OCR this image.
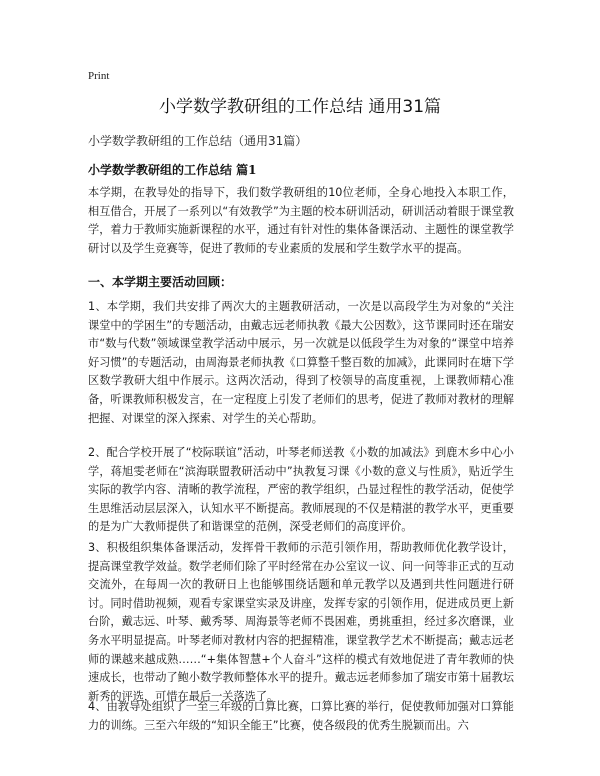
Print
小学数学教研组的工作总结 通用31篇
小学数学教研组的工作总结（通用31篇）
小学数学教研组的工作总结 篇1

本学期，在教导处的指导下，我们数学教研组的10位老师，全身心地投入本职工作，相互借合，开展了一系列以“有效教学”为主题的校本研训活动，研训活动着眼于课堂教学，着力于教师实施新课程的水平，通过有针对性的集体备课活动、主题性的课堂教学研讨以及学生竞赛等，促进了教师的专业素质的发展和学生数学水平的提高。

一、本学期主要活动回顾：

1、本学期，我们共安排了两次大的主题教研活动，一次是以高段学生为对象的“关注课堂中的学困生”的专题活动，由戴志远老师执教《最大公因数》，这节课同时还在瑞安市“数与代数”领域课堂教学活动中展示，另一次就是以低段学生为对象的“课堂中培养好习惯”的专题活动，由周海景老师执教《口算整千整百数的加减》，此课同时在塘下学区数学教研大组中作展示。这两次活动，得到了校领导的高度重视，上课教师精心准备，听课教师积极发言，在一定程度上引发了老师们的思考，促进了教师对教材的理解把握、对课堂的深入探索、对学生的关心帮助。

2、配合学校开展了“校际联谊”活动，叶琴老师送教《小数的加减法》到鹿木乡中心小学，蒋旭雯老师在“滨海联盟教研活动中”执教复习课《小数的意义与性质》，贴近学生实际的教学内容、清晰的教学流程，严密的教学组织，凸显过程性的教学活动，促使学生思维活动层层深入，认知水平不断提高。教师展现的不仅是精湛的教学水平，更重要的是为广大教师提供了和谐课堂的范例，深受老师们的高度评价。

3、积极组织集体备课活动，发挥骨干教师的示范引领作用，帮助教师优化教学设计，提高课堂教学效益。数学老师们除了平时经常在办公室议一议、问一问等非正式的互动交流外，在每周一次的教研日上也能够围绕话题和单元教学以及遇到共性问题进行研讨。同时借助视频，观看专家课堂实录及讲座，发挥专家的引领作用，促进成员更上新台阶，戴志远、叶琴、戴秀琴、周海景等老师不畏困难，勇挑重担，经过多次磨课，业务水平明显提高。叶琴老师对教材内容的把握精准，课堂教学艺术不断提高；戴志远老师的课越来越成熟……“+集体智慧+个人奋斗”这样的模式有效地促进了青年教师的快速成长，也带动了鲍小数学教师整体水平的提升。戴志远老师参加了瑞安市第十届教坛新秀的评选，可惜在最后一关落选了。

4、由教导处组织了一至三年级的口算比赛，口算比赛的举行，促使教师加强对口算能力的训练。三至六年级的“知识全能王”比赛，使各级段的优秀生脱颖而出。六
